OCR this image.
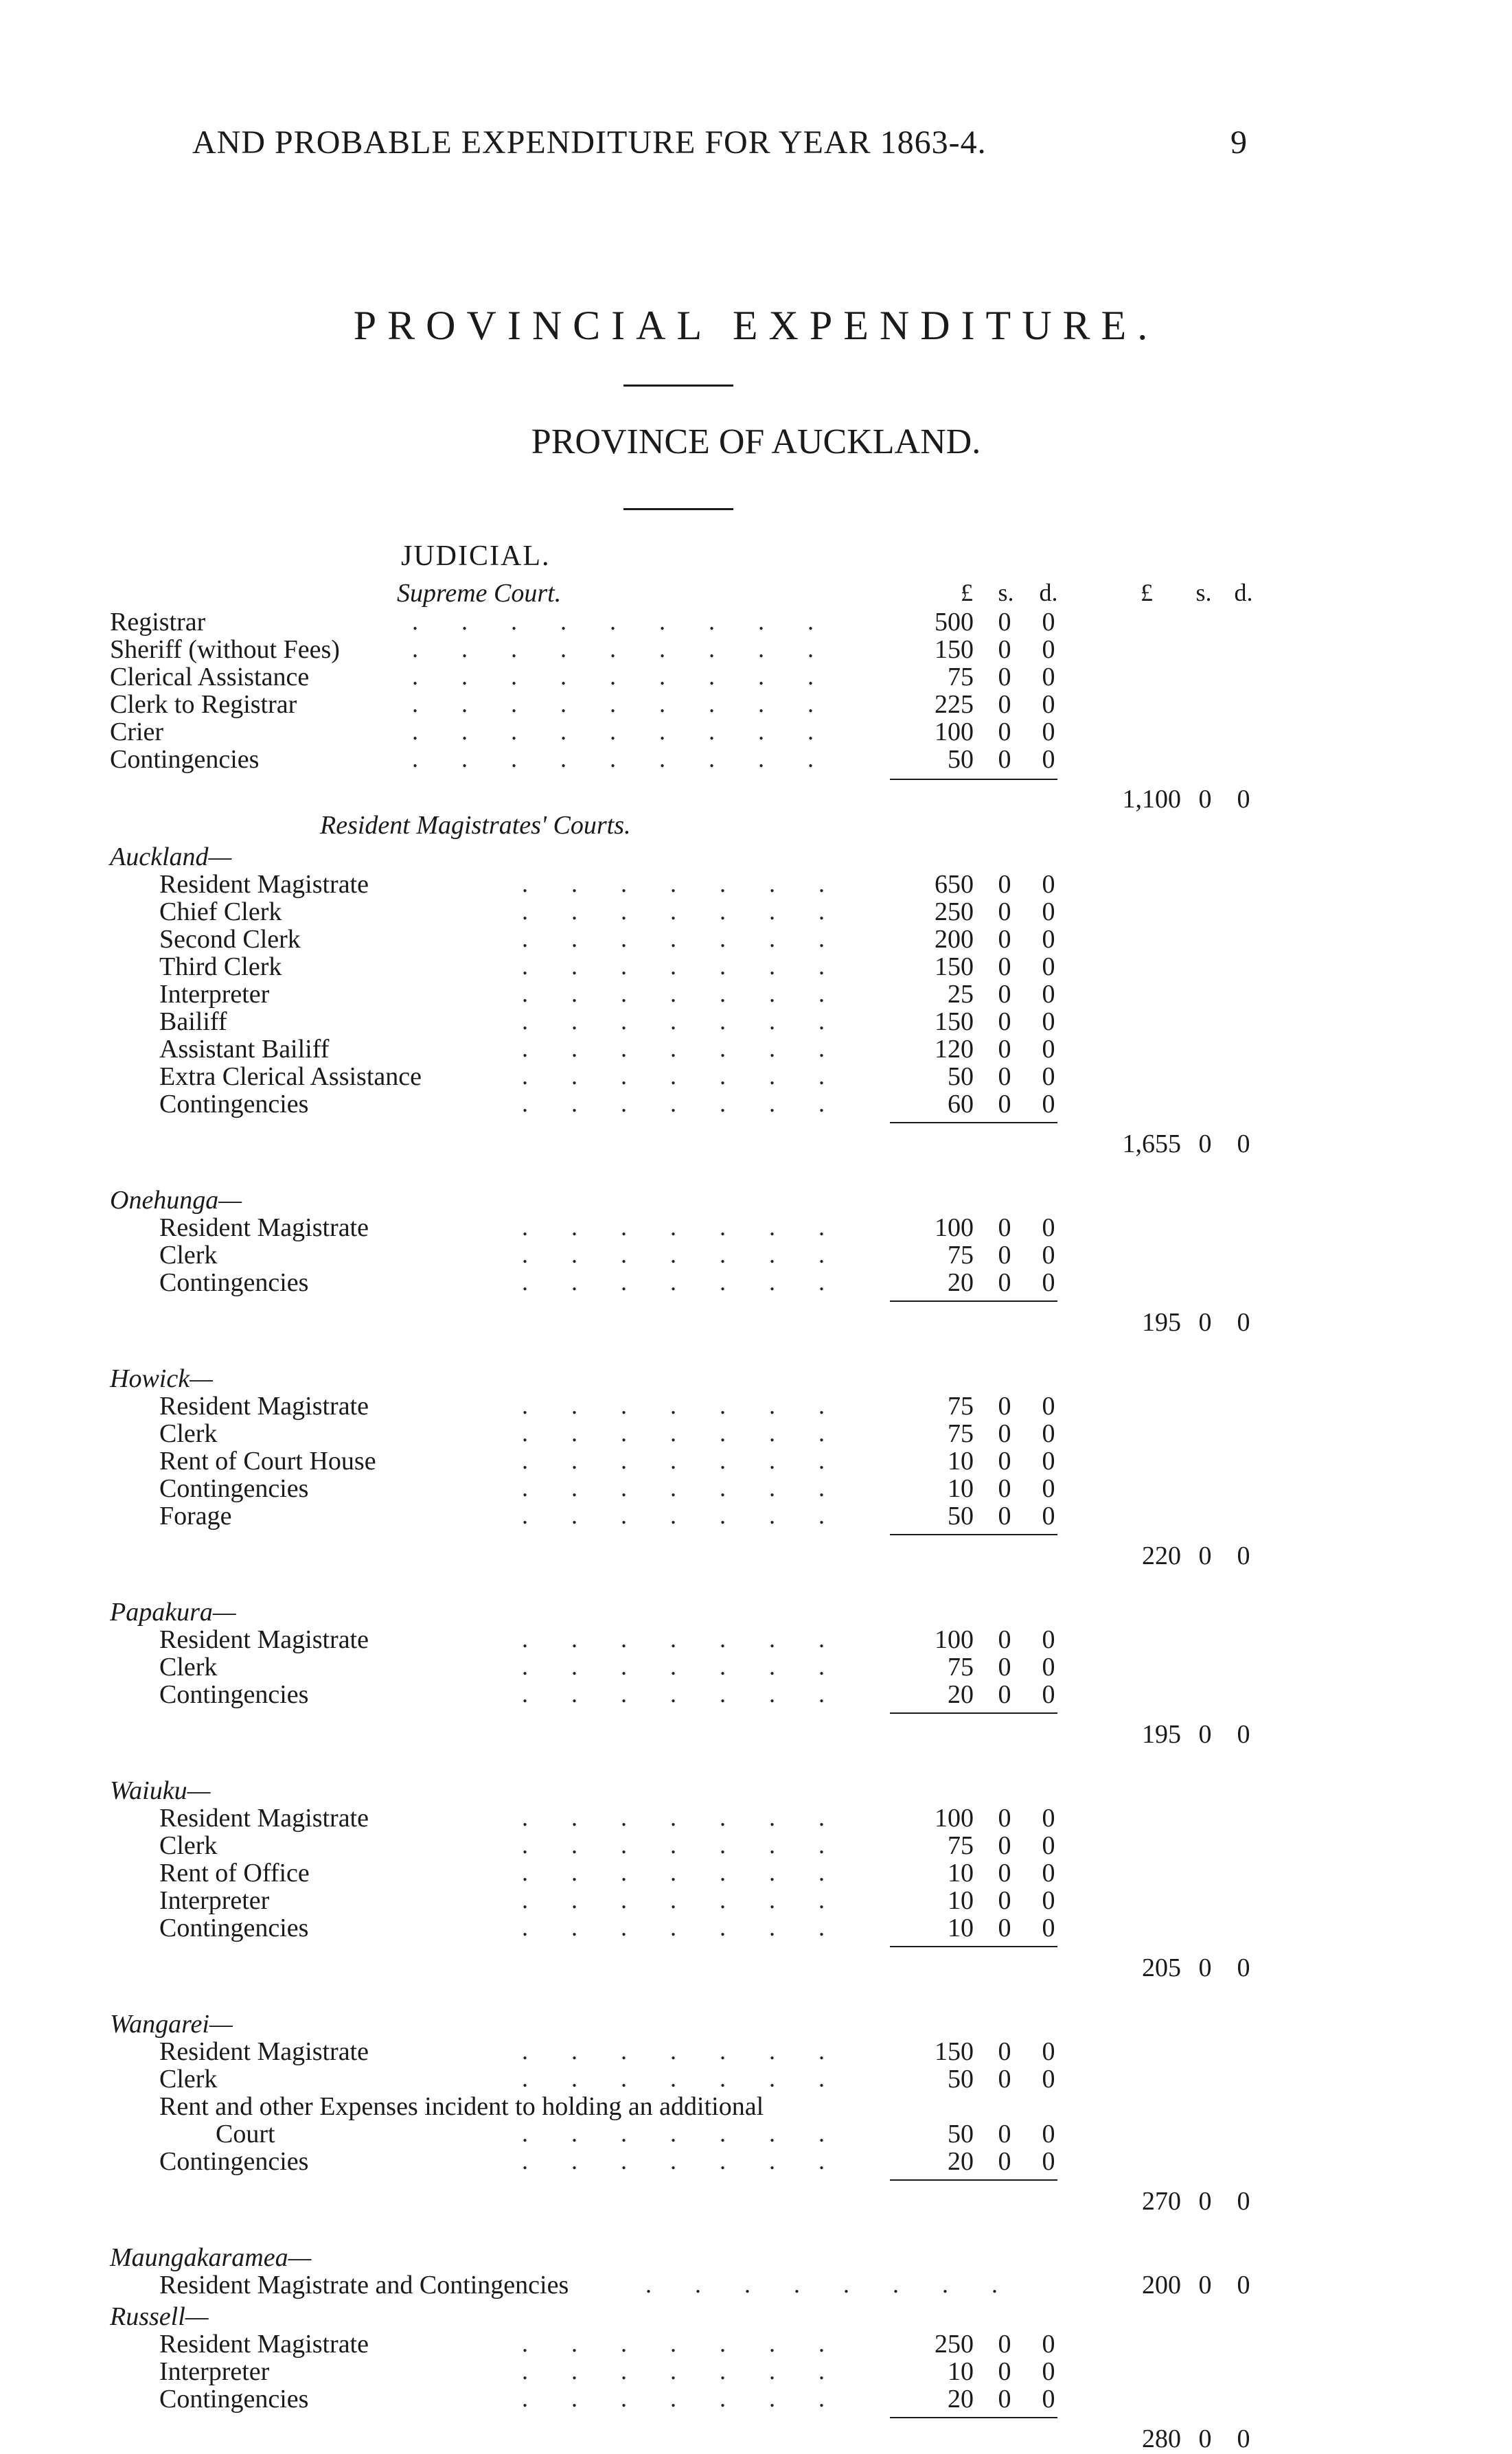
AND PROBABLE EXPENDITURE FOR YEAR 1863-4.	9
PROVINCIAL EXPENDITURE.
PROVINCE OF AUCKLAND.
JUDICIAL.
£	s.	d.	£	s. d.
Supreme Court.
Registrar	.       .       .       .       .       .       .       .       .	500 0 0
Sheriff (without Fees)	.       .       .       .       .       .       .       .       .	150 0 0
Clerical Assistance	.       .       .       .       .       .       .       .       .	75 0 0
Clerk to Registrar	.       .       .       .       .       .       .       .       .	225 0 0
Crier	.       .       .       .       .       .       .       .       .	100 0 0
Contingencies	.       .       .       .       .       .       .       .       .	50 0 0
1,100 0 0
Resident Magistrates' Courts.
Auckland—
Resident Magistrate	.       .       .       .       .       .       .	650 0 0
Chief Clerk	.       .       .       .       .       .       .	250 0 0
Second Clerk	.       .       .       .       .       .       .	200 0 0
Third Clerk	.       .       .       .       .       .       .	150 0 0
Interpreter	.       .       .       .       .       .       .	25 0 0
Bailiff	.       .       .       .       .       .       .	150 0 0
Assistant Bailiff	.       .       .       .       .       .       .	120 0 0
Extra Clerical Assistance	.       .       .       .       .       .       .	50 0 0
Contingencies	.       .       .       .       .       .       .	60 0 0
1,655 0 0
Onehunga—
Resident Magistrate	.       .       .       .       .       .       .	100 0 0
Clerk	.       .       .       .       .       .       .	75 0 0
Contingencies	.       .       .       .       .       .       .	20 0 0
195 0 0
Howick—
Resident Magistrate	.       .       .       .       .       .       .	75 0 0
Clerk	.       .       .       .       .       .       .	75 0 0
Rent of Court House	.       .       .       .       .       .       .	10 0 0
Contingencies	.       .       .       .       .       .       .	10 0 0
Forage	.       .       .       .       .       .       .	50 0 0
220 0 0
Papakura—
Resident Magistrate	.       .       .       .       .       .       .	100 0 0
Clerk	.       .       .       .       .       .       .	75 0 0
Contingencies	.       .       .       .       .       .       .	20 0 0
195 0 0
Waiuku—
Resident Magistrate	.       .       .       .       .       .       .	100 0 0
Clerk	.       .       .       .       .       .       .	75 0 0
Rent of Office	.       .       .       .       .       .       .	10 0 0
Interpreter	.       .       .       .       .       .       .	10 0 0
Contingencies	.       .       .       .       .       .       .	10 0 0
205 0 0
Wangarei—
Resident Magistrate	.       .       .       .       .       .       .	150 0 0
Clerk	.       .       .       .       .       .       .	50 0 0
Rent and other Expenses incident to holding an additional
Court	.       .       .       .       .       .       .	50 0 0
Contingencies	.       .       .       .       .       .       .	20 0 0
270 0 0
Maungakaramea—
Resident Magistrate and Contingencies	.       .       .       .       .       .       .       .	200 0 0
Russell—
Resident Magistrate	.       .       .       .       .       .       .	250 0 0
Interpreter	.       .       .       .       .       .       .	10 0 0
Contingencies	.       .       .       .       .       .       .	20 0 0
280 0 0
